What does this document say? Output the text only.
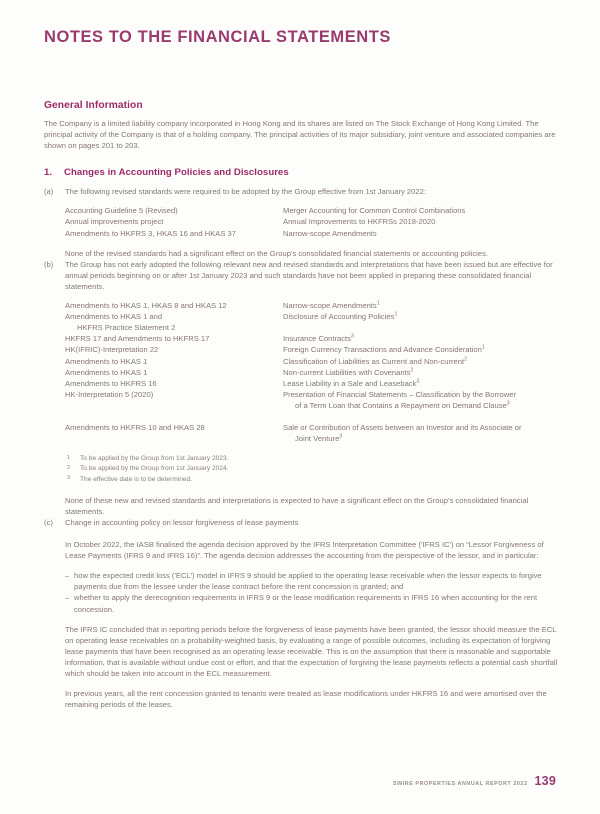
NOTES TO THE FINANCIAL STATEMENTS
General Information

The Company is a limited liability company incorporated in Hong Kong and its shares are listed on The Stock Exchange of Hong Kong Limited. The principal activity of the Company is that of a holding company. The principal activities of its major subsidiary, joint venture and associated companies are shown on pages 201 to 203.

1. Changes in Accounting Policies and Disclosures
(a) The following revised standards were required to be adopted by the Group effective from 1st January 2022:

Accounting Guideline 5 (Revised)	Merger Accounting for Common Control Combinations
Annual improvements project	Annual Improvements to HKFRSs 2018-2020
Amendments to HKFRS 3, HKAS 16 and HKAS 37	Narrow-scope Amendments

None of the revised standards had a significant effect on the Group's consolidated financial statements or accounting policies.

(b) The Group has not early adopted the following relevant new and revised standards and interpretations that have been issued but are effective for annual periods beginning on or after 1st January 2023 and such standards have not been applied in preparing these consolidated financial statements.

Amendments to HKAS 1, HKAS 8 and HKAS 12	Narrow-scope Amendments$^1$
Amendments to HKAS 1 and
HKFRS Practice Statement 2	Disclosure of Accounting Policies$^1$
HKFRS 17 and Amendments to HKFRS 17	Insurance Contracts$^3$
HK(IFRIC)-Interpretation 22	Foreign Currency Transactions and Advance Consideration$^1$
Amendments to HKAS 1	Classification of Liabilities as Current and Non-current$^2$
Amendments to HKAS 1	Non-current Liabilities with Covenants$^2$
Amendments to HKFRS 16	Lease Liability in a Sale and Leaseback$^3$
HK-Interpretation 5 (2020)	Presentation of Financial Statements – Classification by the Borrower
of a Term Loan that Contains a Repayment on Demand Clause$^3$

Amendments to HKFRS 10 and HKAS 28	Sale or Contribution of Assets between an Investor and its Associate or
Joint Venture$^3$
1 To be applied by the Group from 1st January 2023.
2 To be applied by the Group from 1st January 2024.
3 The effective date is to be determined.

None of these new and revised standards and interpretations is expected to have a significant effect on the Group's consolidated financial statements.

(c) Change in accounting policy on lessor forgiveness of lease payments

In October 2022, the IASB finalised the agenda decision approved by the IFRS Interpretation Committee ('IFRS IC') on “Lessor Forgiveness of Lease Payments (IFRS 9 and IFRS 16)”. The agenda decision addresses the accounting from the perspective of the lessor, and in particular:

– how the expected credit loss ('ECL') model in IFRS 9 should be applied to the operating lease receivable when the lessor expects to forgive payments due from the lessee under the lease contract before the rent concession is granted; and
– whether to apply the derecognition requirements in IFRS 9 or the lease modification requirements in IFRS 16 when accounting for the rent concession.

The IFRS IC concluded that in reporting periods before the forgiveness of lease payments have been granted, the lessor should measure the ECL on operating lease receivables on a probability-weighted basis, by evaluating a range of possible outcomes, including its expectation of forgiving lease payments that have been recognised as an operating lease receivable. This is on the assumption that there is reasonable and supportable information, that is available without undue cost or effort, and that the expectation of forgiving the lease payments reflects a potential cash shortfall which should be taken into account in the ECL measurement.

In previous years, all the rent concession granted to tenants were treated as lease modifications under HKFRS 16 and were amortised over the remaining periods of the leases.

SWIRE PROPERTIES ANNUAL REPORT 2022 139
